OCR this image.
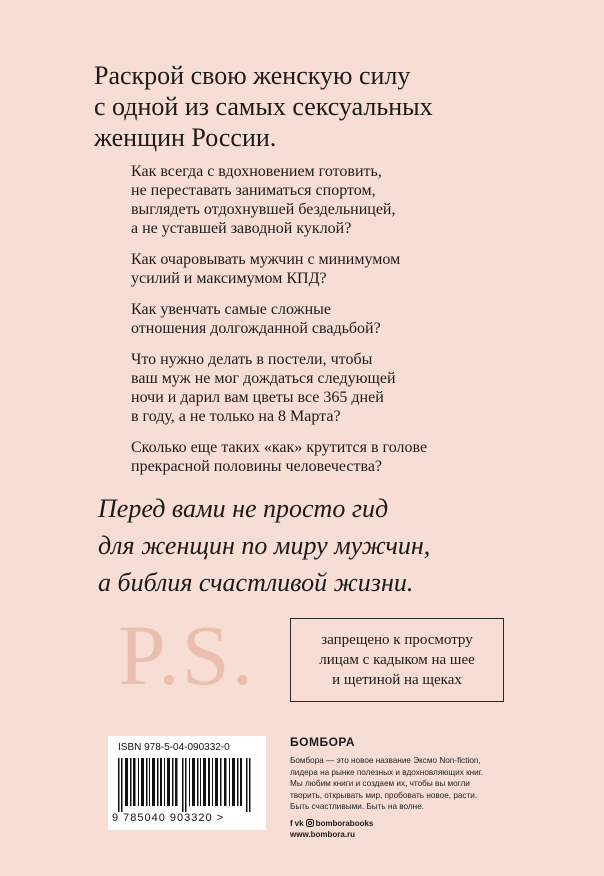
Раскрой свою женскую силу
с одной из самых сексуальных
женщин России.
Как всегда с вдохновением готовить,
не переставать заниматься спортом,
выглядеть отдохнувшей бездельницей,
а не уставшей заводной куклой?
Как очаровывать мужчин с минимумом
усилий и максимумом КПД?
Как увенчать самые сложные
отношения долгожданной свадьбой?
Что нужно делать в постели, чтобы
ваш муж не мог дождаться следующей
ночи и дарил вам цветы все 365 дней
в году, а не только на 8 Марта?
Сколько еще таких «как» крутится в голове
прекрасной половины человечества?
Перед вами не просто гид
для женщин по миру мужчин,
а библия счастливой жизни.
P.S.	запрещено к просмотру
лицам с кадыком на шее
и щетиной на щеках
ISBN 978-5-04-090332-0
9 785040 903320 >
БОМБОРА
Бомбора — это новое название Эксмо Non-fiction,
лидера на рынке полезных и вдохновляющих книг.
Мы любим книги и создаем их, чтобы вы могли
творить, открывать мир, пробовать новое, расти.
Быть счастливыми. Быть на волне.
f vk bomborabooks
www.bombora.ru
